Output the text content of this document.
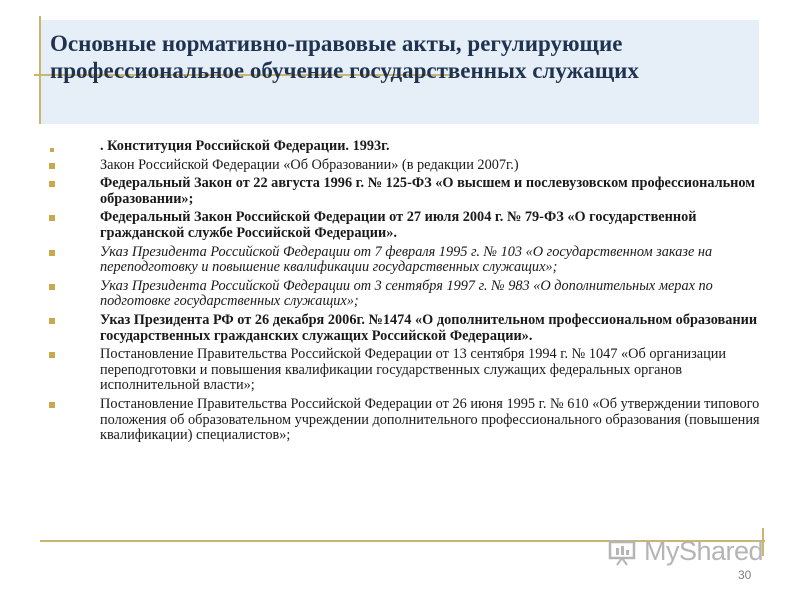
Основные нормативно-правовые акты, регулирующие профессиональное обучение государственных служащих
. Конституция Российской Федерации. 1993г.
Закон Российской Федерации «Об Образовании» (в редакции 2007г.)
Федеральный Закон от 22 августа 1996 г. № 125-ФЗ «О высшем и послевузовском профессиональном образовании»;
Федеральный Закон Российской Федерации от 27 июля 2004 г. № 79-ФЗ «О государственной гражданской службе Российской Федерации».
Указ Президента Российской Федерации от 7 февраля 1995 г. № 103 «О государственном заказе на переподготовку и повышение квалификации государственных служащих»;
Указ Президента Российской Федерации от 3 сентября 1997 г. № 983 «О дополнительных мерах по подготовке государственных служащих»;
Указ Президента РФ от 26 декабря 2006г. №1474 «О дополнительном профессиональном образовании государственных гражданских служащих Российской Федерации».
Постановление Правительства Российской Федерации от 13 сентября 1994 г. № 1047 «Об организации переподготовки и повышения квалификации государственных служащих федеральных органов исполнительной власти»;
Постановление Правительства Российской Федерации от 26 июня 1995 г. № 610 «Об утверждении типового положения об образовательном учреждении дополнительного профессионального образования (повышения квалификации) специалистов»;
MyShared
30
